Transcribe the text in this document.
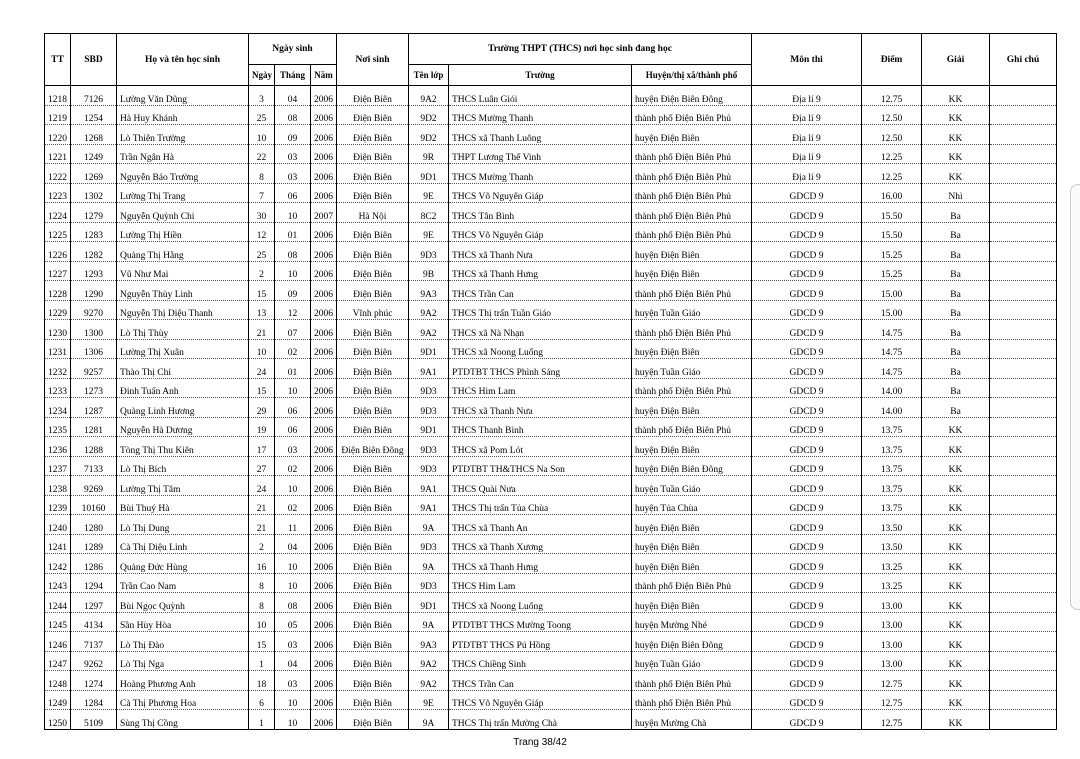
TT	SBD	Họ và tên học sinh	Ngày sinh			Nơi sinh	Trường THPT (THCS) nơi học sinh đang học			Môn thi	Điểm	Giải	Ghi chú
			Ngày	Tháng	Năm		Tên lớp	Trường	Huyện/thị xã/thành phố				
1218	7126	Lường Văn Dũng	3	04	2006	Điện Biên	9A2	THCS Luân Giói	huyện Điện Biên Đông	Địa lí 9	12.75	KK	
1219	1254	Hà Huy Khánh	25	08	2006	Điện Biên	9D2	THCS Mường Thanh	thành phố Điện Biên Phủ	Địa lí 9	12.50	KK	
1220	1268	Lò Thiên Trường	10	09	2006	Điện Biên	9D2	THCS xã Thanh Luông	huyện Điện Biên	Địa lí 9	12.50	KK	
1221	1249	Trần Ngân Hà	22	03	2006	Điện Biên	9R	THPT Lương Thế Vinh	thành phố Điện Biên Phủ	Địa lí 9	12.25	KK	
1222	1269	Nguyễn Bảo Trường	8	03	2006	Điện Biên	9D1	THCS Mường Thanh	thành phố Điện Biên Phủ	Địa lí 9	12.25	KK	
1223	1302	Lường Thị Trang	7	06	2006	Điện Biên	9E	THCS Võ Nguyên Giáp	thành phố Điện Biên Phủ	GDCD 9	16.00	Nhì	
1224	1279	Nguyễn Quỳnh Chi	30	10	2007	Hà Nội	8C2	THCS Tân Bình	thành phố Điện Biên Phủ	GDCD 9	15.50	Ba	
1225	1283	Lường Thị Hiền	12	01	2006	Điện Biên	9E	THCS Võ Nguyên Giáp	thành phố Điện Biên Phủ	GDCD 9	15.50	Ba	
1226	1282	Quàng Thị Hằng	25	08	2006	Điện Biên	9D3	THCS xã Thanh Nưa	huyện Điện Biên	GDCD 9	15.25	Ba	
1227	1293	Vũ Như Mai	2	10	2006	Điện Biên	9B	THCS xã Thanh Hưng	huyện Điện Biên	GDCD 9	15.25	Ba	
1228	1290	Nguyễn Thùy Linh	15	09	2006	Điện Biên	9A3	THCS Trần Can	thành phố Điện Biên Phủ	GDCD 9	15.00	Ba	
1229	9270	Nguyễn Thị Diệu Thanh	13	12	2006	Vĩnh phúc	9A2	THCS Thị trấn Tuần Giáo	huyện Tuần Giáo	GDCD 9	15.00	Ba	
1230	1300	Lò Thị Thùy	21	07	2006	Điện Biên	9A2	THCS xã Nà Nhạn	thành phố Điện Biên Phủ	GDCD 9	14.75	Ba	
1231	1306	Lường Thị Xuân	10	02	2006	Điện Biên	9D1	THCS xã Noong Luống	huyện Điện Biên	GDCD 9	14.75	Ba	
1232	9257	Thào Thị Chi	24	01	2006	Điện Biên	9A1	PTDTBT THCS Phình Sáng	huyện Tuần Giáo	GDCD 9	14.75	Ba	
1233	1273	Đinh Tuấn Anh	15	10	2006	Điện Biên	9D3	THCS Him Lam	thành phố Điện Biên Phủ	GDCD 9	14.00	Ba	
1234	1287	Quàng Linh Hương	29	06	2006	Điện Biên	9D3	THCS xã Thanh Nưa	huyện Điện Biên	GDCD 9	14.00	Ba	
1235	1281	Nguyễn Hà Dương	19	06	2006	Điện Biên	9D1	THCS Thanh Bình	thành phố Điện Biên Phủ	GDCD 9	13.75	KK	
1236	1288	Tòng Thị Thu Kiên	17	03	2006	Điện Biên Đông	9D3	THCS xã Pom Lót	huyện Điện Biên	GDCD 9	13.75	KK	
1237	7133	Lò Thị Bích	27	02	2006	Điện Biên	9D3	PTDTBT TH&THCS Na Son	huyện Điện Biên Đông	GDCD 9	13.75	KK	
1238	9269	Lường Thị Tâm	24	10	2006	Điện Biên	9A1	THCS Quài Nưa	huyện Tuần Giáo	GDCD 9	13.75	KK	
1239	10160	Bùi Thuý Hà	21	02	2006	Điện Biên	9A1	THCS Thị trấn Tủa Chùa	huyện Tủa Chùa	GDCD 9	13.75	KK	
1240	1280	Lò Thị Dung	21	11	2006	Điện Biên	9A	THCS xã Thanh An	huyện Điện Biên	GDCD 9	13.50	KK	
1241	1289	Cà Thị Diệu Linh	2	04	2006	Điện Biên	9D3	THCS xã Thanh Xương	huyện Điện Biên	GDCD 9	13.50	KK	
1242	1286	Quàng Đức Hùng	16	10	2006	Điện Biên	9A	THCS xã Thanh Hưng	huyện Điện Biên	GDCD 9	13.25	KK	
1243	1294	Trần Cao Nam	8	10	2006	Điện Biên	9D3	THCS Him Lam	thành phố Điện Biên Phủ	GDCD 9	13.25	KK	
1244	1297	Bùi Ngọc Quỳnh	8	08	2006	Điện Biên	9D1	THCS xã Noong Luống	huyện Điện Biên	GDCD 9	13.00	KK	
1245	4134	Sần Hùy Hòa	10	05	2006	Điện Biên	9A	PTDTBT THCS Mường Toong	huyện Mường Nhé	GDCD 9	13.00	KK	
1246	7137	Lò Thị Đào	15	03	2006	Điện Biên	9A3	PTDTBT THCS Pú Hồng	huyện Điện Biên Đông	GDCD 9	13.00	KK	
1247	9262	Lò Thị Nga	1	04	2006	Điện Biên	9A2	THCS Chiềng Sinh	huyện Tuần Giáo	GDCD 9	13.00	KK	
1248	1274	Hoàng Phương Anh	18	03	2006	Điện Biên	9A2	THCS Trần Can	thành phố Điện Biên Phủ	GDCD 9	12.75	KK	
1249	1284	Cà Thị Phương Hoa	6	10	2006	Điện Biên	9E	THCS Võ Nguyên Giáp	thành phố Điện Biên Phủ	GDCD 9	12.75	KK	
1250	5109	Sùng Thị Cồng	1	10	2006	Điện Biên	9A	THCS Thị trấn Mường Chà	huyện Mường Chà	GDCD 9	12.75	KK	
Trang 38/42
